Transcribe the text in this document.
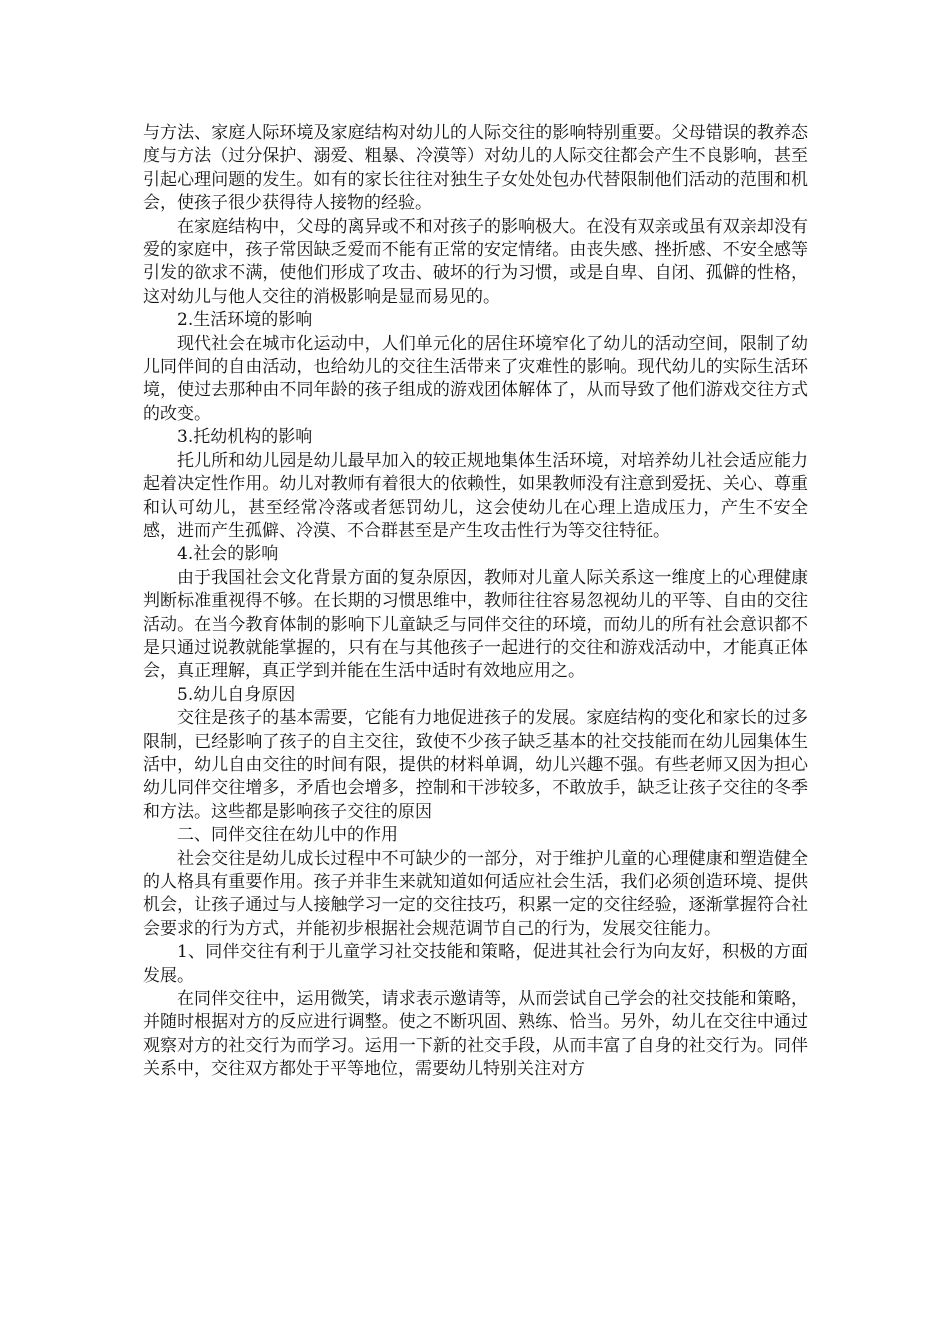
与方法、家庭人际环境及家庭结构对幼儿的人际交往的影响特别重要。父母错误的教养态度与方法（过分保护、溺爱、粗暴、冷漠等）对幼儿的人际交往都会产生不良影响，甚至引起心理问题的发生。如有的家长往往对独生子女处处包办代替限制他们活动的范围和机会，使孩子很少获得待人接物的经验。

在家庭结构中，父母的离异或不和对孩子的影响极大。在没有双亲或虽有双亲却没有爱的家庭中，孩子常因缺乏爱而不能有正常的安定情绪。由丧失感、挫折感、不安全感等引发的欲求不满，使他们形成了攻击、破坏的行为习惯，或是自卑、自闭、孤僻的性格，这对幼儿与他人交往的消极影响是显而易见的。

2.生活环境的影响

现代社会在城市化运动中，人们单元化的居住环境窄化了幼儿的活动空间，限制了幼儿同伴间的自由活动，也给幼儿的交往生活带来了灾难性的影响。现代幼儿的实际生活环境，使过去那种由不同年龄的孩子组成的游戏团体解体了，从而导致了他们游戏交往方式的改变。

3.托幼机构的影响

托儿所和幼儿园是幼儿最早加入的较正规地集体生活环境，对培养幼儿社会适应能力起着决定性作用。幼儿对教师有着很大的依赖性，如果教师没有注意到爱抚、关心、尊重和认可幼儿，甚至经常冷落或者惩罚幼儿，这会使幼儿在心理上造成压力，产生不安全感，进而产生孤僻、冷漠、不合群甚至是产生攻击性行为等交往特征。

4.社会的影响

由于我国社会文化背景方面的复杂原因，教师对儿童人际关系这一维度上的心理健康判断标准重视得不够。在长期的习惯思维中，教师往往容易忽视幼儿的平等、自由的交往活动。在当今教育体制的影响下儿童缺乏与同伴交往的环境，而幼儿的所有社会意识都不是只通过说教就能掌握的，只有在与其他孩子一起进行的交往和游戏活动中，才能真正体会，真正理解，真正学到并能在生活中适时有效地应用之。

5.幼儿自身原因

交往是孩子的基本需要，它能有力地促进孩子的发展。家庭结构的变化和家长的过多限制，已经影响了孩子的自主交往，致使不少孩子缺乏基本的社交技能而在幼儿园集体生活中，幼儿自由交往的时间有限，提供的材料单调，幼儿兴趣不强。有些老师又因为担心幼儿同伴交往增多，矛盾也会增多，控制和干涉较多，不敢放手，缺乏让孩子交往的冬季和方法。这些都是影响孩子交往的原因

二、同伴交往在幼儿中的作用

社会交往是幼儿成长过程中不可缺少的一部分，对于维护儿童的心理健康和塑造健全的人格具有重要作用。孩子并非生来就知道如何适应社会生活，我们必须创造环境、提供机会，让孩子通过与人接触学习一定的交往技巧，积累一定的交往经验，逐渐掌握符合社会要求的行为方式，并能初步根据社会规范调节自己的行为，发展交往能力。

1、同伴交往有利于儿童学习社交技能和策略，促进其社会行为向友好，积极的方面发展。

在同伴交往中，运用微笑，请求表示邀请等，从而尝试自己学会的社交技能和策略，并随时根据对方的反应进行调整。使之不断巩固、熟练、恰当。另外，幼儿在交往中通过观察对方的社交行为而学习。运用一下新的社交手段，从而丰富了自身的社交行为。同伴关系中，交往双方都处于平等地位，需要幼儿特别关注对方
